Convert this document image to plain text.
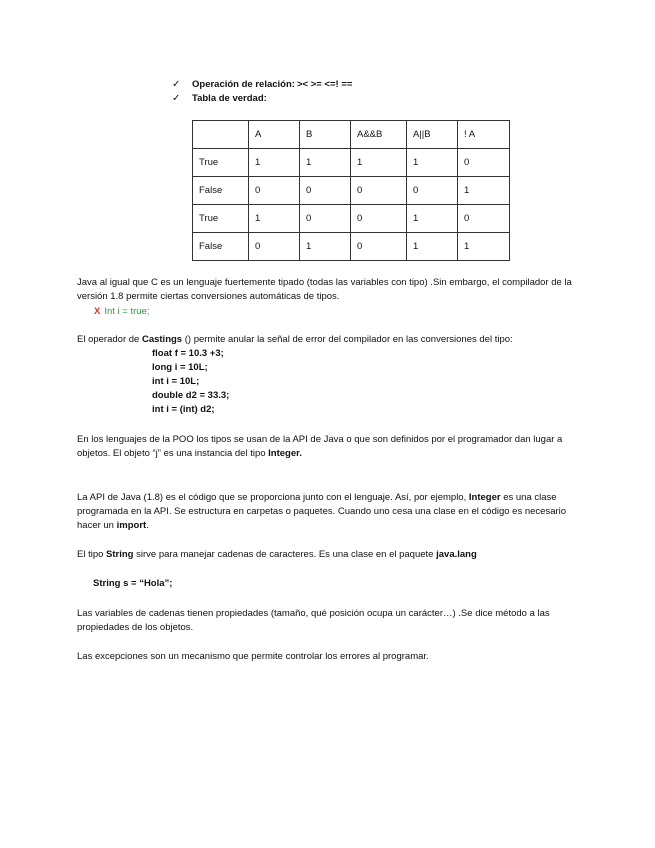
✓ Operación de relación: >< >= <=! ==
✓ Tabla de verdad:
	A	B	A&&B	A||B	! A
True	1	1	1	1	0
False	0	0	0	0	1
True	1	0	0	1	0
False	0	1	0	1	1
Java al igual que C es un lenguaje fuertemente tipado (todas las variables con tipo) .Sin embargo, el compilador de la versión 1.8 permite ciertas conversiones automáticas de tipos.
X Int i = true;
El operador de Castings () permite anular la señal de error del compilador en las conversiones del tipo:
float f = 10.3 +3;
long i = 10L;
int i = 10L;
double d2 = 33.3;
int i = (int) d2;
En los lenguajes de la POO los tipos se usan de la API de Java o que son definidos por el programador dan lugar a objetos. El objeto “j” es una instancia del tipo Integer.
La API de Java (1.8) es el código que se proporciona junto con el lenguaje. Así, por ejemplo, Integer es una clase programada en la API. Se estructura en carpetas o paquetes. Cuando uno cesa una clase en el código es necesario hacer un import.
El tipo String sirve para manejar cadenas de caracteres. Es una clase en el paquete java.lang
String s = “Hola”;
Las variables de cadenas tienen propiedades (tamaño, qué posición ocupa un carácter…) .Se dice método a las propiedades de los objetos.
Las excepciones son un mecanismo que permite controlar los errores al programar.
